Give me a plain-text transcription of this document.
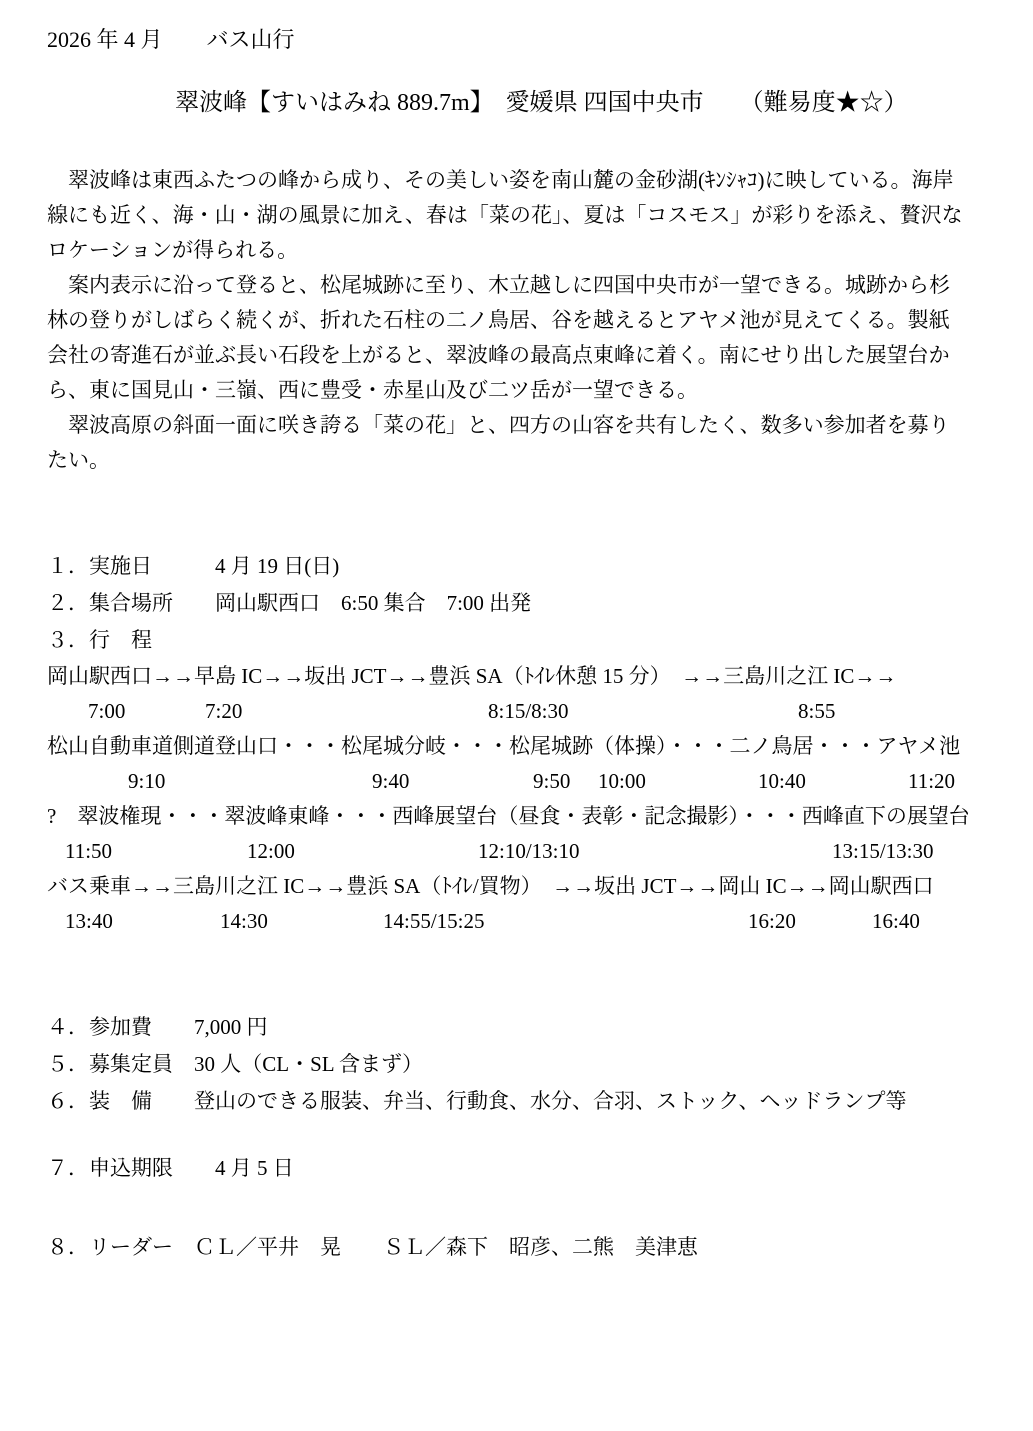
2026 年 4 月　　バス山行
翠波峰【すいはみね 889.7m】　愛媛県 四国中央市　　（難易度★☆）

　翠波峰は東西ふたつの峰から成り、その美しい姿を南山麓の金砂湖(ｷﾝｼｬｺ)に映している。海岸線にも近く、海・山・湖の風景に加え、春は「菜の花」、夏は「コスモス」が彩りを添え、贅沢なロケーションが得られる。

　案内表示に沿って登ると、松尾城跡に至り、木立越しに四国中央市が一望できる。城跡から杉林の登りがしばらく続くが、折れた石柱の二ノ鳥居、谷を越えるとアヤメ池が見えてくる。製紙会社の寄進石が並ぶ長い石段を上がると、翠波峰の最高点東峰に着く。南にせり出した展望台から、東に国見山・三嶺、西に豊受・赤星山及び二ツ岳が一望できる。

　翠波高原の斜面一面に咲き誇る「菜の花」と、四方の山容を共有したく、数多い参加者を募りたい。

１．実施日　　　4 月 19 日(日)
２．集合場所　　岡山駅西口　6:50 集合　7:00 出発
３．行　程
岡山駅西口→→早島 IC→→坂出 JCT→→豊浜 SA（ﾄｲﾚ休憩 15 分）　→→三島川之江 IC→→
7:00	7:20	8:15/8:30	8:55
松山自動車道側道登山口・・・松尾城分岐・・・松尾城跡（体操）・・・二ノ鳥居・・・アヤメ池
9:10	9:40	9:50 10:00	10:40	11:20
?　翠波権現・・・翠波峰東峰・・・西峰展望台（昼食・表彰・記念撮影）・・・西峰直下の展望台
11:50	12:00	12:10/13:10	13:15/13:30
バス乗車→→三島川之江 IC→→豊浜 SA（ﾄｲﾚ/買物）　→→坂出 JCT→→岡山 IC→→岡山駅西口
13:40	14:30	14:55/15:25	16:20	16:40
４．参加費　　7,000 円
５．募集定員　30 人（CL・SL 含まず）
６．装　備　　登山のできる服装、弁当、行動食、水分、合羽、ストック、ヘッドランプ等
７．申込期限　　4 月 5 日
８．リーダー　ＣＬ／平井　晃　　ＳＬ／森下　昭彦、二熊　美津恵
